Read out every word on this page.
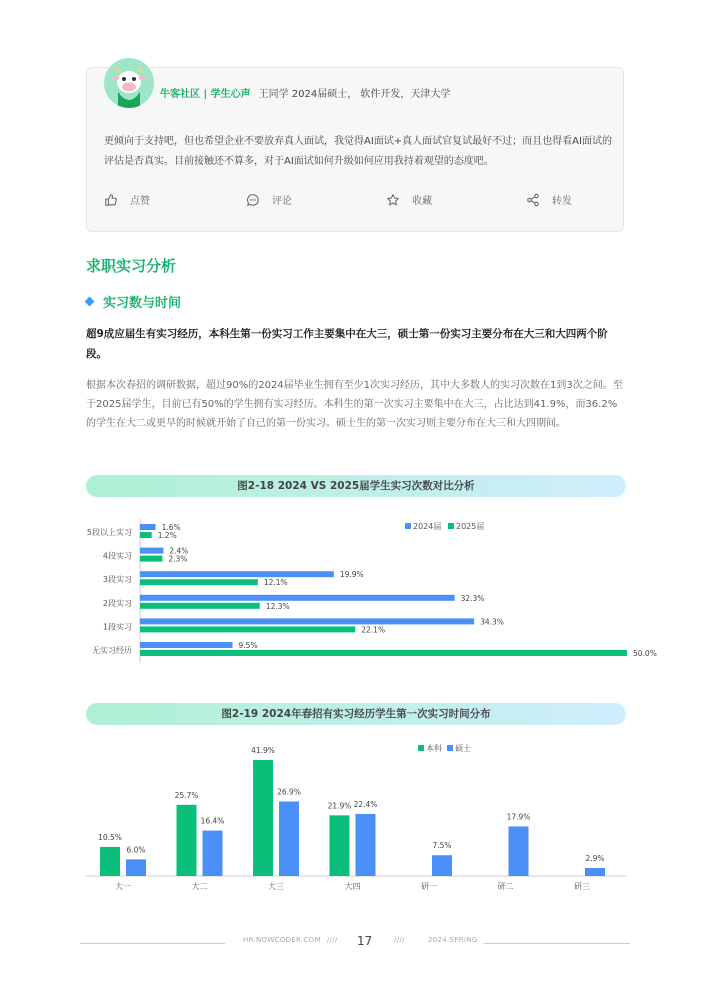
牛客社区 | 学生心声 王同学 2024届硕士， 软件开发，天津大学
更倾向于支持吧，但也希望企业不要放弃真人面试，我觉得AI面试+真人面试官复试最好不过；而且也得看AI面试的评估是否真实。目前接触还不算多，对于AI面试如何升级如何应用我持着观望的态度吧。
点赞	评论	收藏	转发
求职实习分析
实习数与时间
超9成应届生有实习经历，本科生第一份实习工作主要集中在大三，硕士第一份实习主要分布在大三和大四两个阶段。
根据本次春招的调研数据，超过90%的2024届毕业生拥有至少1次实习经历，其中大多数人的实习次数在1到3次之间。至于2025届学生，目前已有50%的学生拥有实习经历。本科生的第一次实习主要集中在大三，占比达到41.9%，而36.2%的学生在大二或更早的时候就开始了自己的第一份实习。硕士生的第一次实习则主要分布在大三和大四期间。
图2-18 2024 VS 2025届学生实习次数对比分析
5段以上实习
1.6%
1.2%
4段实习
2.4%
2.3%
3段实习
19.9%
12.1%
2段实习
32.3%
12.3%
1段实习
34.3%
22.1%
无实习经历
9.5%
50.0%
2024届 2025届
图2-19 2024年春招有实习经历学生第一次实习时间分布
10.5%
6.0%
大一
25.7%
16.4%
大二
41.9%
26.9%
大三
21.9% 22.4%
大四
7.5%
研一
17.9%
研二
2.9%
研三
本科 硕士
HR.NOWCODER.COM //// 17	////	2024 SPRING
